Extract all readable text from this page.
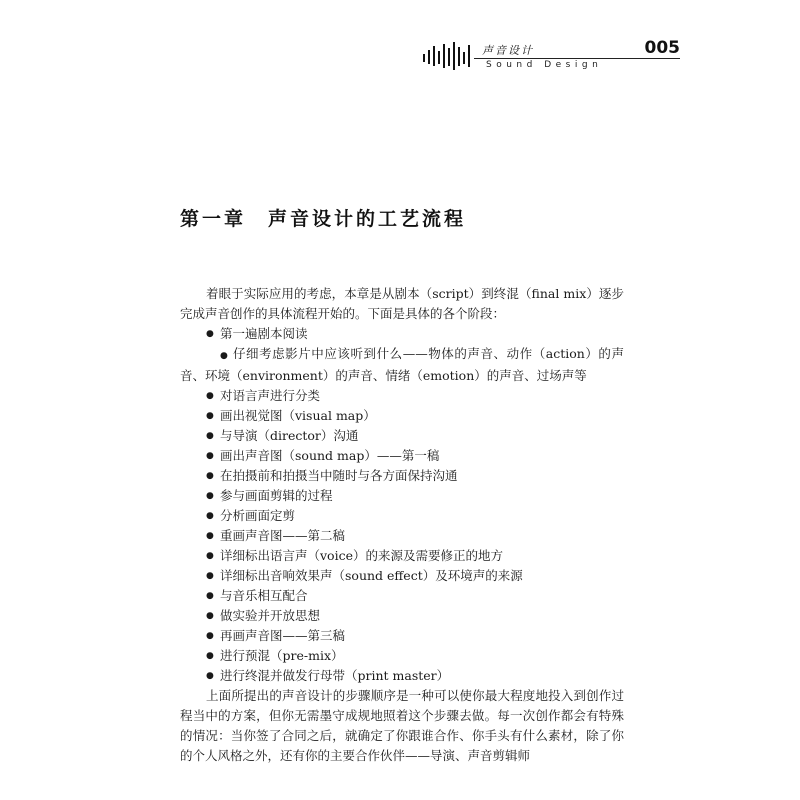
声音设计
Sound Design
005
第一章 声音设计的工艺流程

着眼于实际应用的考虑，本章是从剧本（script）到终混（final mix）逐步完成声音创作的具体流程开始的。下面是具体的各个阶段：

● 第一遍剧本阅读
● 仔细考虑影片中应该听到什么——物体的声音、动作（action）的声音、环境（environment）的声音、情绪（emotion）的声音、过场声等
● 对语言声进行分类
● 画出视觉图（visual map）
● 与导演（director）沟通
● 画出声音图（sound map）——第一稿
● 在拍摄前和拍摄当中随时与各方面保持沟通
● 参与画面剪辑的过程
● 分析画面定剪
● 重画声音图——第二稿
● 详细标出语言声（voice）的来源及需要修正的地方
● 详细标出音响效果声（sound effect）及环境声的来源
● 与音乐相互配合
● 做实验并开放思想
● 再画声音图——第三稿
● 进行预混（pre-mix）
● 进行终混并做发行母带（print master）

上面所提出的声音设计的步骤顺序是一种可以使你最大程度地投入到创作过程当中的方案，但你无需墨守成规地照着这个步骤去做。每一次创作都会有特殊的情况：当你签了合同之后，就确定了你跟谁合作、你手头有什么素材，除了你的个人风格之外，还有你的主要合作伙伴——导演、声音剪辑师
